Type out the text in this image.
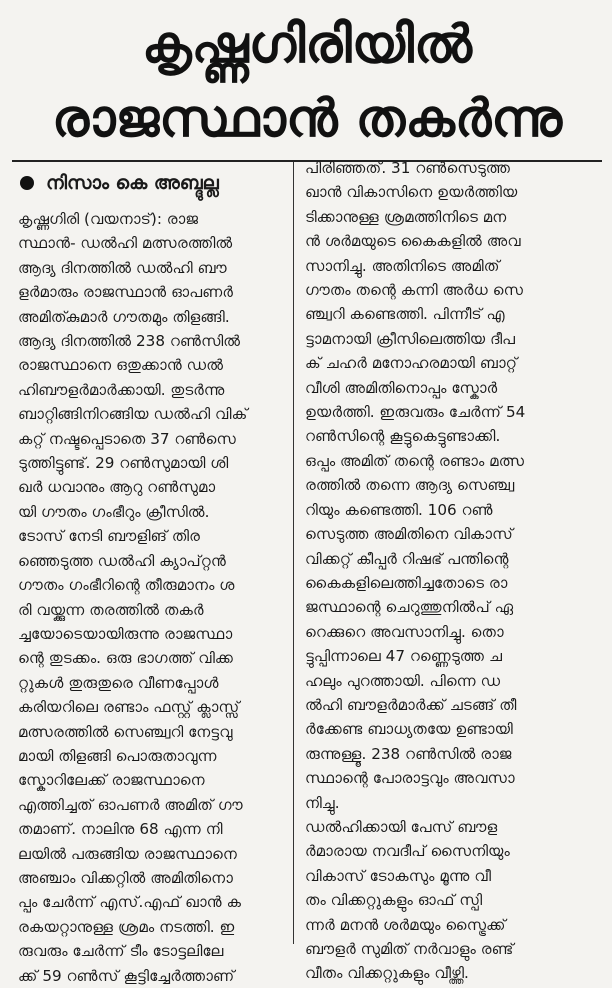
കൃഷ്ണഗിരിയിൽ
രാജസ്ഥാൻ തകർന്നു
നിസാം കെ അബ്ദുല്ല
കൃഷ്ണഗിരി (വയനാട്): രാജ
സ്ഥാൻ- ഡൽഹി മത്സരത്തിൽ
ആദ്യ ദിനത്തിൽ ഡൽഹി ബൗ
ളർമാരും രാജസ്ഥാൻ ഓപണർ
അമിത്കുമാർ ഗൗതമും തിളങ്ങി.
ആദ്യ ദിനത്തിൽ 238 റൺസിൽ
രാജസ്ഥാനെ ഒതുക്കാൻ ഡൽ
ഹിബൗളർമാർക്കായി. തുടർന്നു
ബാറ്റിങ്ങിനിറങ്ങിയ ഡൽഹി വിക്
കറ്റ് നഷ്ടപ്പെടാതെ 37 റൺസെ
ടുത്തിട്ടുണ്ട്. 29 റൺസുമായി ശി
ഖർ ധവാനും ആറു റൺസുമാ
യി ഗൗതം ഗംഭീറും ക്രീസിൽ.
ടോസ് നേടി ബൗളിങ് തിര
ഞ്ഞെടുത്ത ഡൽഹി ക്യാപ്റ്റൻ
ഗൗതം ഗംഭീറിന്റെ തീരുമാനം ശ
രി വയ്ക്കുന്ന തരത്തിൽ തകർ
ച്ചയോടെയായിരുന്നു രാജസ്ഥാ
ന്റെ തുടക്കം. ഒരു ഭാഗത്ത് വിക്ക
റ്റുകൾ തുരുതുരെ വീണപ്പോൾ
കരിയറിലെ രണ്ടാം ഫസ്റ്റ് ക്ലാസ്സ്
മത്സരത്തിൽ സെഞ്ച്വറി നേട്ടവു
മായി തിളങ്ങി പൊരുതാവുന്ന
സ്കോറിലേക്ക് രാജസ്ഥാനെ
എത്തിച്ചത് ഓപണർ അമിത് ഗൗ
തമാണ്. നാലിനു 68 എന്ന നി
ലയിൽ പരുങ്ങിയ രാജസ്ഥാനെ
അഞ്ചാം വിക്കറ്റിൽ അമിതിനൊ
പ്പം ചേർന്ന് എസ്.എഫ് ഖാൻ ക
രകയറ്റാനുള്ള ശ്രമം നടത്തി. ഇ
രുവരും ചേർന്ന് ടീം ടോട്ടലിലേ
ക്ക് 59 റൺസ് കൂട്ടിച്ചേർത്താണ്
പിരിഞ്ഞത്. 31 റൺസെടുത്ത
ഖാൻ വികാസിനെ ഉയർത്തിയ
ടിക്കാനുള്ള ശ്രമത്തിനിടെ മന
ൻ ശർമയുടെ കൈകളിൽ അവ
സാനിച്ചു. അതിനിടെ അമിത്
ഗൗതം തന്റെ കന്നി അർധ സെ
ഞ്ച്വറി കണ്ടെത്തി. പിന്നീട് എ
ട്ടാമനായി ക്രീസിലെത്തിയ ദീപ
ക് ചഹർ മനോഹരമായി ബാറ്റ്
വീശി അമിതിനൊപ്പം സ്കോർ
ഉയർത്തി. ഇരുവരും ചേർന്ന് 54
റൺസിന്റെ കൂട്ടുകെട്ടുണ്ടാക്കി.
ഒപ്പം അമിത് തന്റെ രണ്ടാം മത്സ
രത്തിൽ തന്നെ ആദ്യ സെഞ്ച്വ
റിയും കണ്ടെത്തി. 106 റൺ
സെടുത്ത അമിതിനെ വികാസ്
വിക്കറ്റ് കീപ്പർ റിഷഭ് പന്തിന്റെ
കൈകളിലെത്തിച്ചതോടെ രാ
ജസ്ഥാന്റെ ചെറുത്തുനിൽപ് ഏ
റെക്കുറെ അവസാനിച്ചു. തൊ
ട്ടുപ്പിന്നാലെ 47 റണ്ണെടുത്ത ച
ഹലും പുറത്തായി. പിന്നെ ഡ
ൽഹി ബൗളർമാർക്ക് ചടങ്ങ് തീ
ർക്കേണ്ട ബാധ്യതയേ ഉണ്ടായി
രുന്നുള്ളൂ. 238 റൺസിൽ രാജ
സ്ഥാന്റെ പോരാട്ടവും അവസാ
നിച്ചു.
ഡൽഹിക്കായി പേസ് ബൗള
ർമാരായ നവദീപ് സൈനിയും
വികാസ് ടോകസും മൂന്നു വീ
തം വിക്കറ്റുകളും ഓഫ് സ്പി
ന്നർ മനൻ ശർമയും സ്ട്രൈക്ക്
ബൗളർ സുമിത് നർവാളും രണ്ട്
വീതം വിക്കറ്റുകളും വീഴ്ത്തി.
